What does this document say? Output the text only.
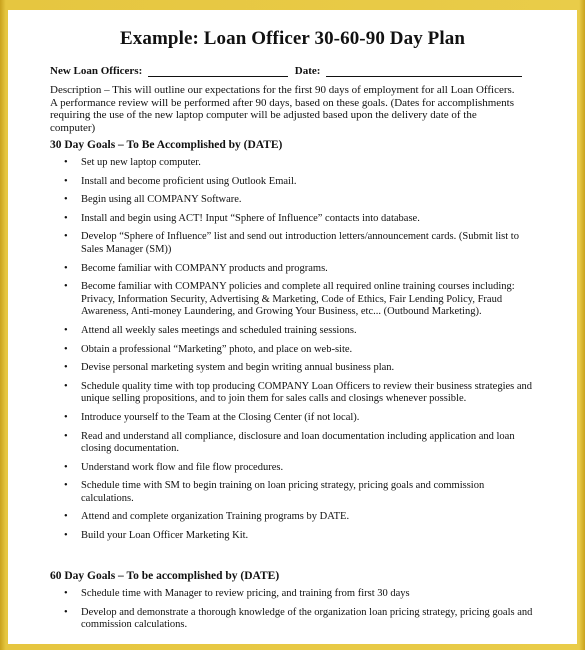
Example: Loan Officer 30-60-90 Day Plan
New Loan Officers:	Date:
Description – This will outline our expectations for the first 90 days of employment for all Loan Officers. A performance review will be performed after 90 days, based on these goals. (Dates for accomplishments requiring the use of the new laptop computer will be adjusted based upon the delivery date of the computer)
30 Day Goals – To Be Accomplished by (DATE)
• Set up new laptop computer.
• Install and become proficient using Outlook Email.
• Begin using all COMPANY Software.
• Install and begin using ACT! Input “Sphere of Influence” contacts into database.
• Develop “Sphere of Influence” list and send out introduction letters/announcement cards. (Submit list to Sales Manager (SM))
• Become familiar with COMPANY products and programs.
• Become familiar with COMPANY policies and complete all required online training courses including: Privacy, Information Security, Advertising & Marketing, Code of Ethics, Fair Lending Policy, Fraud Awareness, Anti-money Laundering, and Growing Your Business, etc... (Outbound Marketing).
• Attend all weekly sales meetings and scheduled training sessions.
• Obtain a professional “Marketing” photo, and place on web-site.
• Devise personal marketing system and begin writing annual business plan.
• Schedule quality time with top producing COMPANY Loan Officers to review their business strategies and unique selling propositions, and to join them for sales calls and closings whenever possible.
• Introduce yourself to the Team at the Closing Center (if not local).
• Read and understand all compliance, disclosure and loan documentation including application and loan closing documentation.
• Understand work flow and file flow procedures.
• Schedule time with SM to begin training on loan pricing strategy, pricing goals and commission calculations.
• Attend and complete organization Training programs by DATE.
• Build your Loan Officer Marketing Kit.
60 Day Goals – To be accomplished by (DATE)
• Schedule time with Manager to review pricing, and training from first 30 days
• Develop and demonstrate a thorough knowledge of the organization loan pricing strategy, pricing goals and commission calculations.
